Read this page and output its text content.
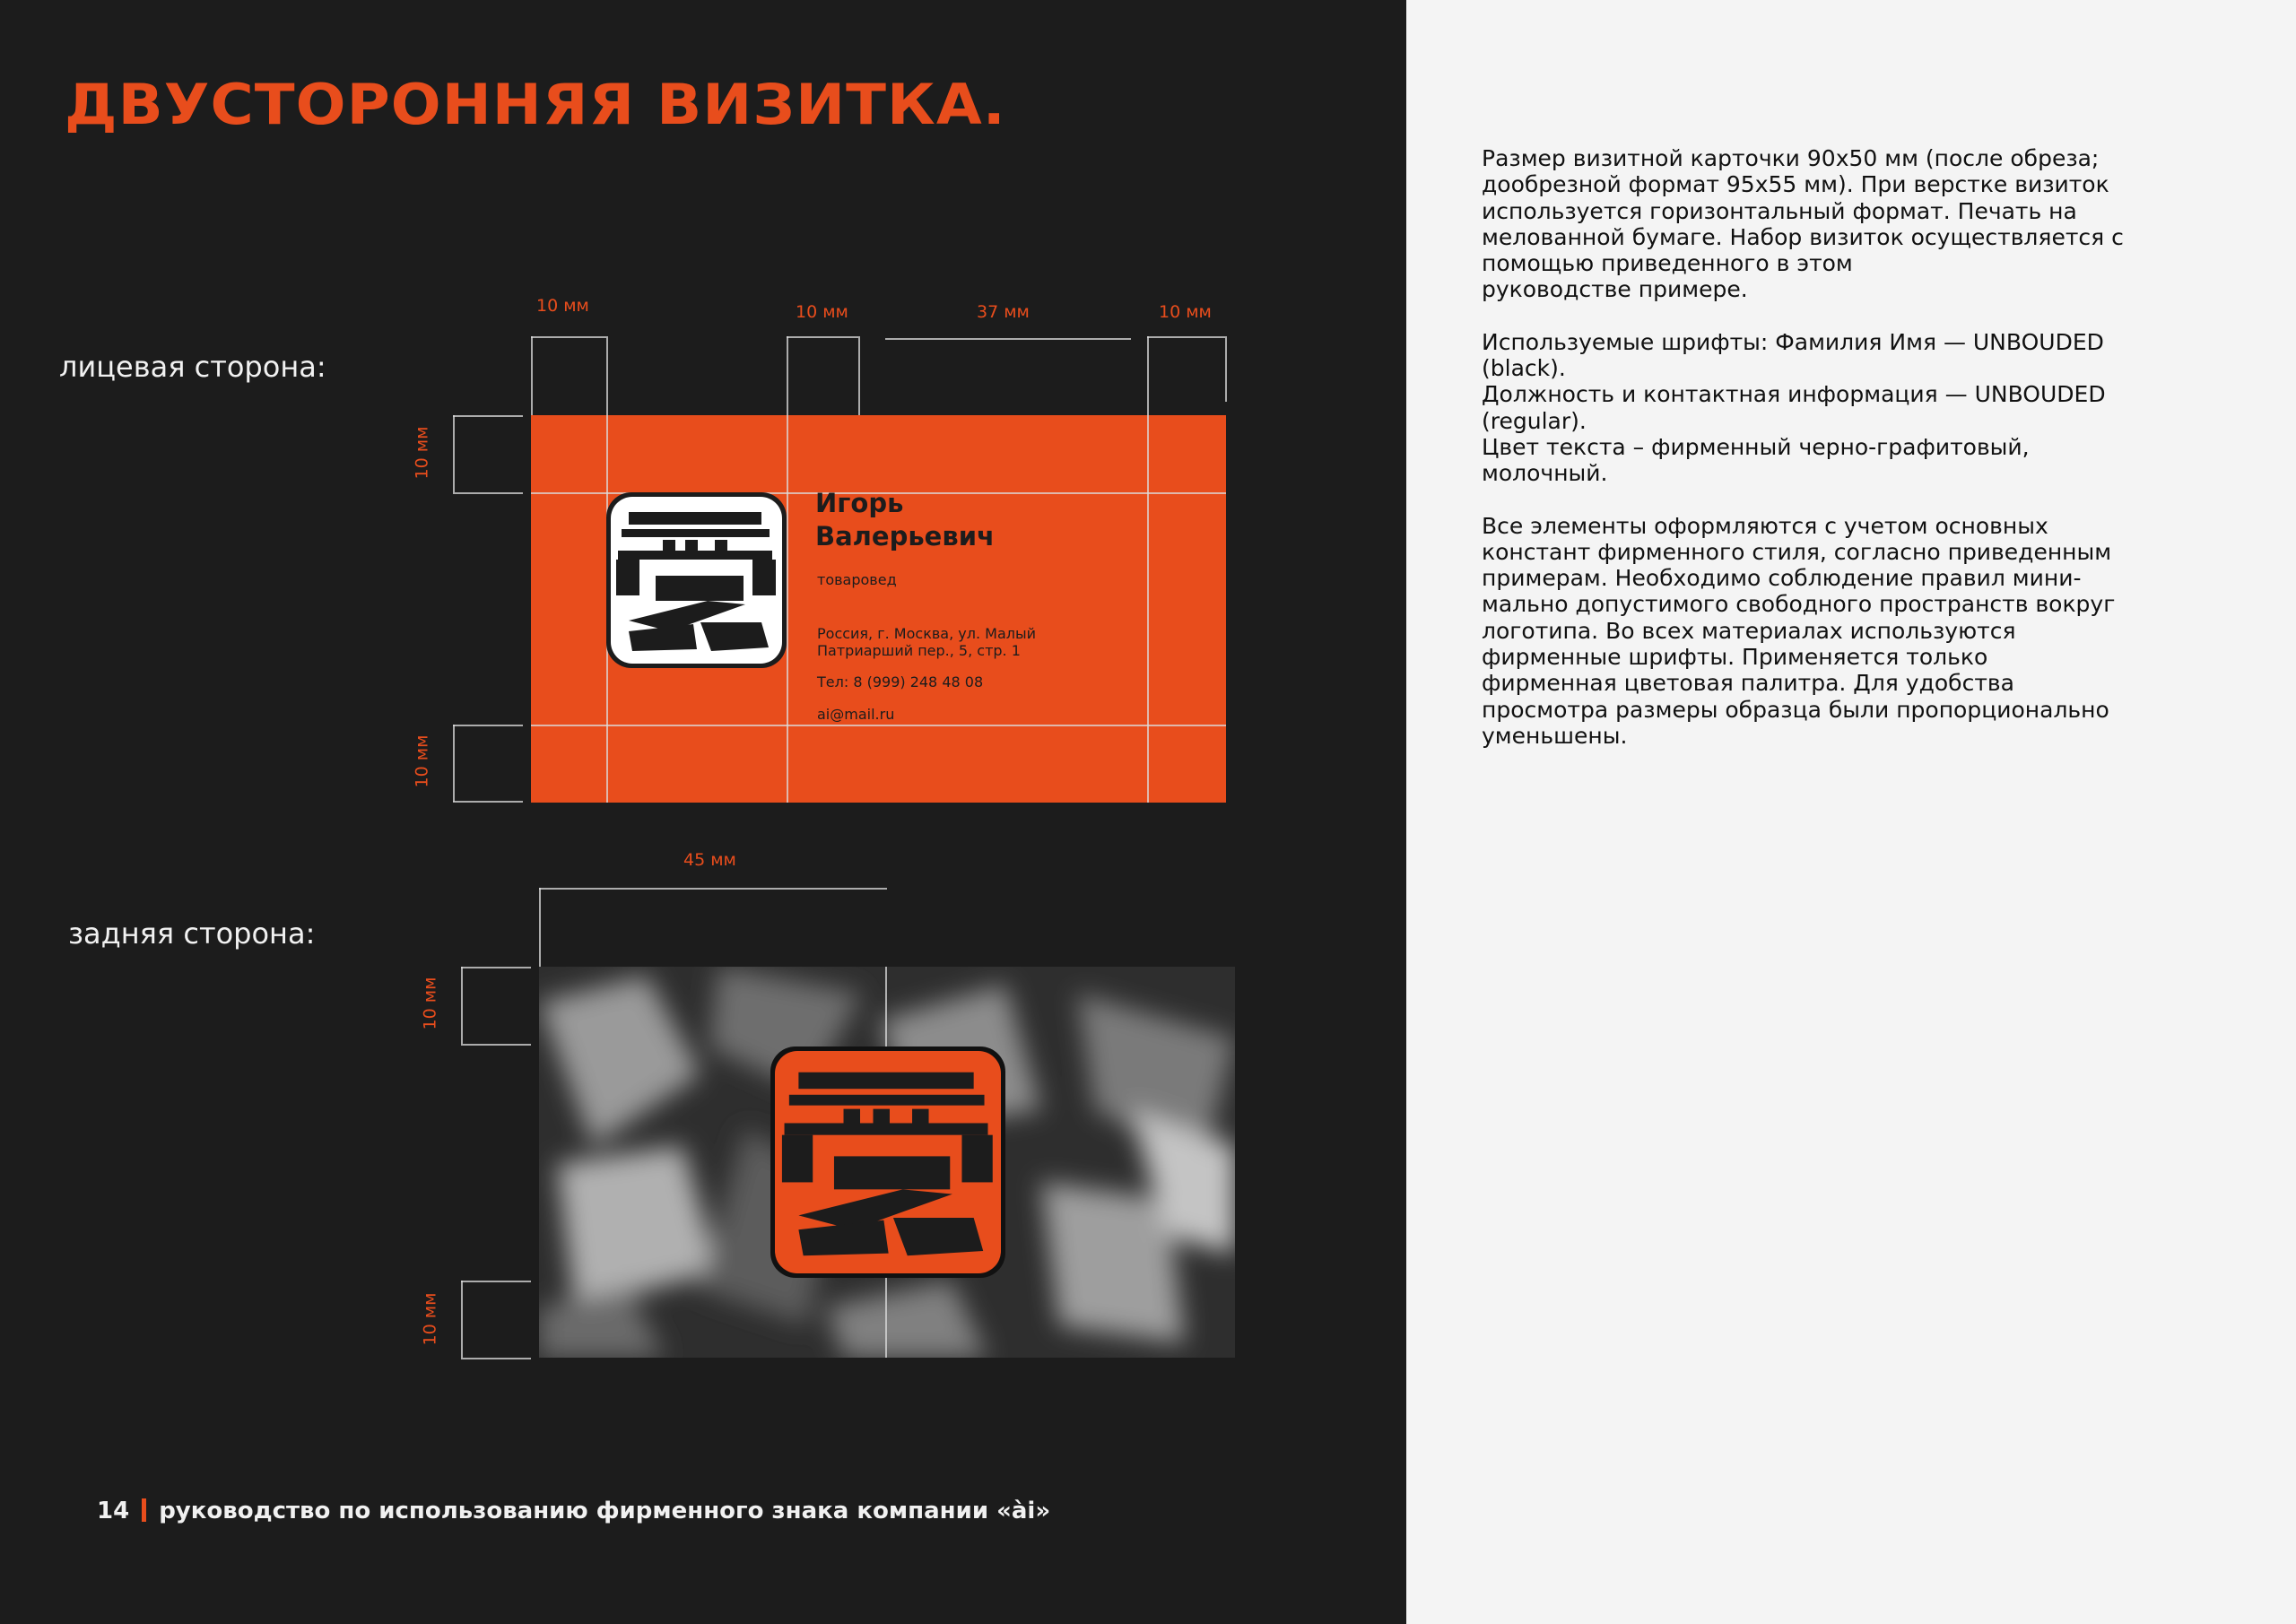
ДВУСТОРОННЯЯ ВИЗИТКА.
лицевая сторона:
задняя сторона:
10 мм	10 мм	37 мм	10 мм
10 мм
10 мм
Игорь
Валерьевич
товаровед
Россия, г. Москва, ул. Малый
Патриарший пер., 5, стр. 1
Тел: 8 (999) 248 48 08
ai@mail.ru
45 мм
10 мм
10 мм
14 руководство по использованию фирменного знака компании «ài»

Размер визитной карточки 90х50 мм (после обреза;
дообрезной формат 95х55 мм). При верстке визиток
используется горизонтальный формат. Печать на
мелованной бумаге. Набор визиток осуществляется с
помощью приведенного в этом
руководстве примере.

Используемые шрифты: Фамилия Имя — UNBOUDED
(black).
Должность и контактная информация — UNBOUDED
(regular).
Цвет текста – фирменный черно-графитовый,
молочный.

Все элементы оформляются с учетом основных
констант фирменного стиля, согласно приведенным
примерам. Необходимо соблюдение правил мини-
мально допустимого свободного пространств вокруг
логотипа. Во всех материалах используются
фирменные шрифты. Применяется только
фирменная цветовая палитра. Для удобства
просмотра размеры образца были пропорционально
уменьшены.
